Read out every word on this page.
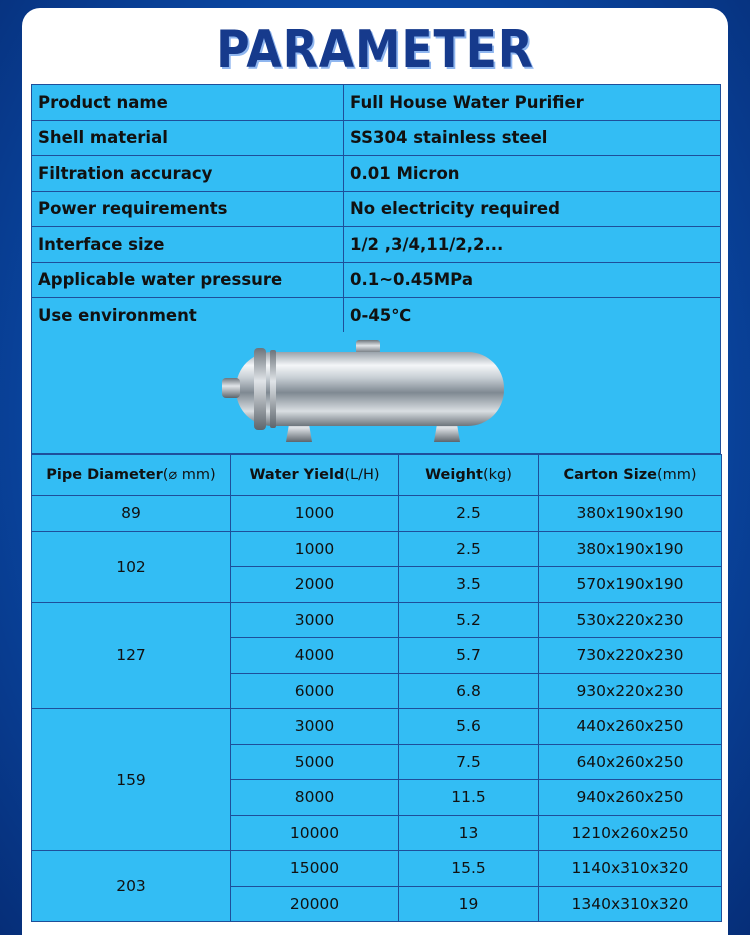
PARAMETER
Product name	Full House Water Purifier
Shell material	SS304 stainless steel
Filtration accuracy	0.01 Micron
Power requirements	No electricity required
Interface size	1/2 ,3/4,11/2,2...
Applicable water pressure	0.1~0.45MPa
Use environment	0-45℃
Pipe Diameter(⌀ mm)	Water Yield(L/H)	Weight(kg)	Carton Size(mm)
89	1000	2.5	380x190x190
102	1000	2.5	380x190x190
	2000	3.5	570x190x190
127	3000	5.2	530x220x230
	4000	5.7	730x220x230
	6000	6.8	930x220x230
159	3000	5.6	440x260x250
	5000	7.5	640x260x250
	8000	11.5	940x260x250
	10000	13	1210x260x250
203	15000	15.5	1140x310x320
	20000	19	1340x310x320
